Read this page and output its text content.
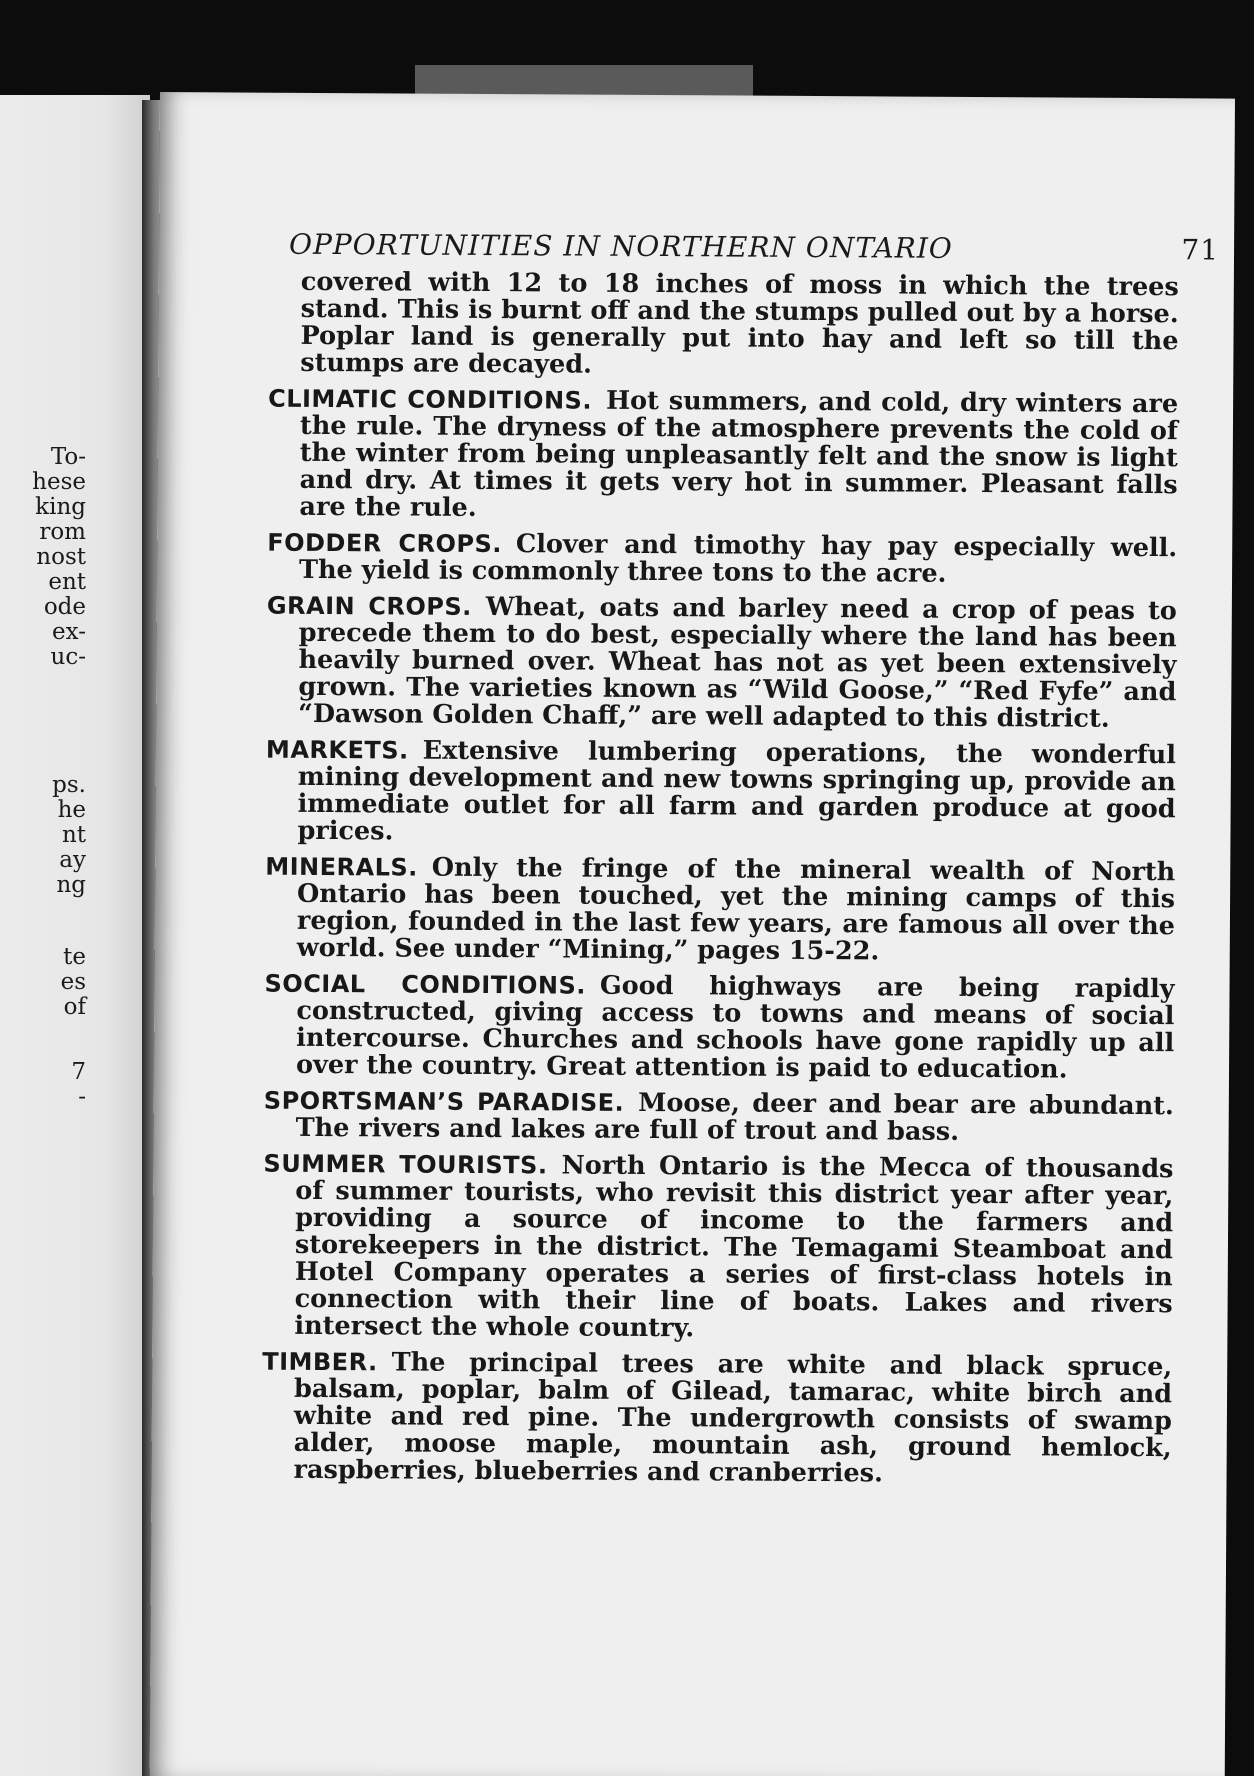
To-
hese
king
rom
nost
ent
ode
ex-
uc-
ps.
he
nt
ay
ng
te
es
of
7
-
OPPORTUNITIES IN NORTHERN ONTARIO	71

covered with 12 to 18 inches of moss in which the trees stand. This is burnt off and the stumps pulled out by a horse. Poplar land is generally put into hay and left so till the stumps are decayed.

CLIMATIC CONDITIONS. Hot summers, and cold, dry winters are the rule. The dryness of the atmosphere prevents the cold of the winter from being unpleasantly felt and the snow is light and dry. At times it gets very hot in summer. Pleasant falls are the rule.

FODDER CROPS. Clover and timothy hay pay especially well. The yield is commonly three tons to the acre.

GRAIN CROPS. Wheat, oats and barley need a crop of peas to precede them to do best, especially where the land has been heavily burned over. Wheat has not as yet been extensively grown. The varieties known as “Wild Goose,” “Red Fyfe” and “Dawson Golden Chaff,” are well adapted to this district.

MARKETS. Extensive lumbering operations, the wonderful mining development and new towns springing up, provide an immediate outlet for all farm and garden produce at good prices.

MINERALS. Only the fringe of the mineral wealth of North Ontario has been touched, yet the mining camps of this region, founded in the last few years, are famous all over the world. See under “Mining,” pages 15-22.

SOCIAL CONDITIONS. Good highways are being rapidly constructed, giving access to towns and means of social intercourse. Churches and schools have gone rapidly up all over the country. Great attention is paid to education.

SPORTSMAN’S PARADISE. Moose, deer and bear are abundant. The rivers and lakes are full of trout and bass.

SUMMER TOURISTS. North Ontario is the Mecca of thousands of summer tourists, who revisit this district year after year, providing a source of income to the farmers and storekeepers in the district. The Temagami Steamboat and Hotel Company operates a series of first-class hotels in connection with their line of boats. Lakes and rivers intersect the whole country.

TIMBER. The principal trees are white and black spruce, balsam, poplar, balm of Gilead, tamarac, white birch and white and red pine. The undergrowth consists of swamp alder, moose maple, mountain ash, ground hemlock, raspberries, blueberries and cranberries.
